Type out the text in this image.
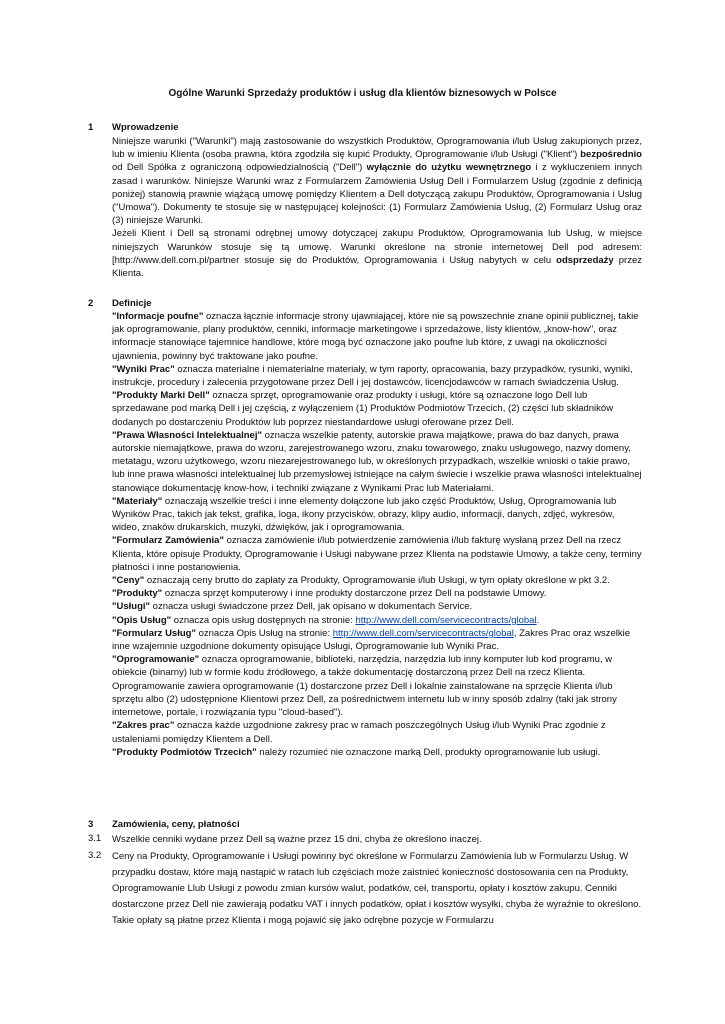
Ogólne Warunki Sprzedaży produktów i usług dla klientów biznesowych w Polsce
1 Wprowadzenie

Niniejsze warunki ("Warunki") mają zastosowanie do wszystkich Produktów, Oprogramowania i/lub Usług zakupionych przez, lub w imieniu Klienta (osoba prawna, która zgodziła się kupić Produkty, Oprogramowanie i/lub Usługi ("Klient") bezpośrednio od Dell Spółka z ograniczoną odpowiedzialnością ("Dell") wyłącznie do użytku wewnętrznego i z wykluczeniem innych zasad i warunków. Niniejsze Warunki wraz z Formularzem Zamówienia Usług Dell i Formularzem Usług (zgodnie z definicją poniżej) stanowią prawnie wiążącą umowę pomiędzy Klientem a Dell dotyczącą zakupu Produktów, Oprogramowania i Usług ("Umowa"). Dokumenty te stosuje się w następującej kolejności: (1) Formularz Zamówienia Usług, (2) Formularz Usług oraz (3) niniejsze Warunki.

Jeżeli Klient i Dell są stronami odrębnej umowy dotyczącej zakupu Produktów, Oprogramowania lub Usług, w miejsce niniejszych Warunków stosuje się tą umowę. Warunki określone na stronie internetowej Dell pod adresem: [http://www.dell.com.pl/partner stosuje się do Produktów, Oprogramowania i Usług nabytych w celu odsprzedaży przez Klienta.

2 Definicje

"Informacje poufne" oznacza łącznie informacje strony ujawniającej, które nie są powszechnie znane opinii publicznej, takie jak oprogramowanie, plany produktów, cenniki, informacje marketingowe i sprzedażowe, listy klientów, „know-how", oraz informacje stanowiące tajemnice handlowe, które mogą być oznaczone jako poufne lub które, z uwagi na okoliczności ujawnienia, powinny być traktowane jako poufne.

"Wyniki Prac" oznacza materialne i niematerialne materiały, w tym raporty, opracowania, bazy przypadków, rysunki, wyniki, instrukcje, procedury i zalecenia przygotowane przez Dell i jej dostawców, licencjodawców w ramach świadczenia Usług.

"Produkty Marki Dell" oznacza sprzęt, oprogramowanie oraz produkty i usługi, które są oznaczone logo Dell lub sprzedawane pod marką Dell i jej częścią, z wyłączeniem (1) Produktów Podmiotów Trzecich, (2) części lub składników dodanych po dostarczeniu Produktów lub poprzez niestandardowe usługi oferowane przez Dell.

"Prawa Własności Intelektualnej" oznacza wszelkie patenty, autorskie prawa majątkowe, prawa do baz danych, prawa autorskie niemajątkowe, prawa do wzoru, zarejestrowanego wzoru, znaku towarowego, znaku usługowego, nazwy domeny, metatagu, wzoru użytkowego, wzoru niezarejestrowanego lub, w określonych przypadkach, wszelkie wnioski o takie prawo, lub inne prawa własności intelektualnej lub przemysłowej istniejące na całym świecie i wszelkie prawa własności intelektualnej stanowiące dokumentację know-how, i techniki związane z Wynikami Prac lub Materiałami.

"Materiały" oznaczają wszelkie treści i inne elementy dołączone lub jako część Produktów, Usług, Oprogramowania lub Wyników Prac, takich jak tekst, grafika, loga, ikony przycisków, obrazy, klipy audio, informacji, danych, zdjęć, wykresów, wideo, znaków drukarskich, muzyki, dźwięków, jak i oprogramowania.

"Formularz Zamówienia" oznacza zamówienie i/lub potwierdzenie zamówienia i/lub fakturę wysłaną przez Dell na rzecz Klienta, które opisuje Produkty, Oprogramowanie i Usługi nabywane przez Klienta na podstawie Umowy, a także ceny, terminy płatności i inne postanowienia.

"Ceny" oznaczają ceny brutto do zapłaty za Produkty, Oprogramowanie i/lub Usługi, w tym opłaty określone w pkt 3.2.

"Produkty" oznacza sprzęt komputerowy i inne produkty dostarczone przez Dell na podstawie Umowy.

"Usługi" oznacza usługi świadczone przez Dell, jak opisano w dokumentach Service.

"Opis Usług" oznacza opis usług dostępnych na stronie: http://www.dell.com/servicecontracts/global.

"Formularz Usług" oznacza Opis Usług na stronie: http://www.dell.com/servicecontracts/global, Zakres Prac oraz wszelkie inne wzajemnie uzgodnione dokumenty opisujące Usługi, Oprogramowanie lub Wyniki Prac.

"Oprogramowanie" oznacza oprogramowanie, biblioteki, narzędzia, narzędzia lub inny komputer lub kod programu, w obiekcie (binarny) lub w formie kodu źródłowego, a także dokumentację dostarczoną przez Dell na rzecz Klienta. Oprogramowanie zawiera oprogramowanie (1) dostarczone przez Dell i lokalnie zainstalowane na sprzęcie Klienta i/lub sprzętu albo (2) udostępnione Klientowi przez Dell, za pośrednictwem internetu lub w inny sposób zdalny (taki jak strony internetowe, portale, i rozwiązania typu "cloud-based").

"Zakres prac" oznacza każde uzgodnione zakresy prac w ramach poszczególnych Usług i/lub Wyniki Prac zgodnie z ustaleniami pomiędzy Klientem a Dell.

"Produkty Podmiotów Trzecich" należy rozumieć nie oznaczone marką Dell, produkty oprogramowanie lub usługi.

3 Zamówienia, ceny, płatności
3.1 Wszelkie cenniki wydane przez Dell są ważne przez 15 dni, chyba że określono inaczej.
3.2 Ceny na Produkty, Oprogramowanie i Usługi powinny być określone w Formularzu Zamówienia lub w Formularzu Usług. W przypadku dostaw, które mają nastąpić w ratach lub częściach może zaistnieć konieczność dostosowania cen na Produkty, Oprogramowanie Llub Usługi z powodu zmian kursów walut, podatków, ceł, transportu, opłaty i kosztów zakupu. Cenniki dostarczone przez Dell nie zawierają podatku VAT i innych podatków, opłat i kosztów wysyłki, chyba że wyraźnie to określono. Takie opłaty są płatne przez Klienta i mogą pojawić się jako odrębne pozycje w Formularzu
